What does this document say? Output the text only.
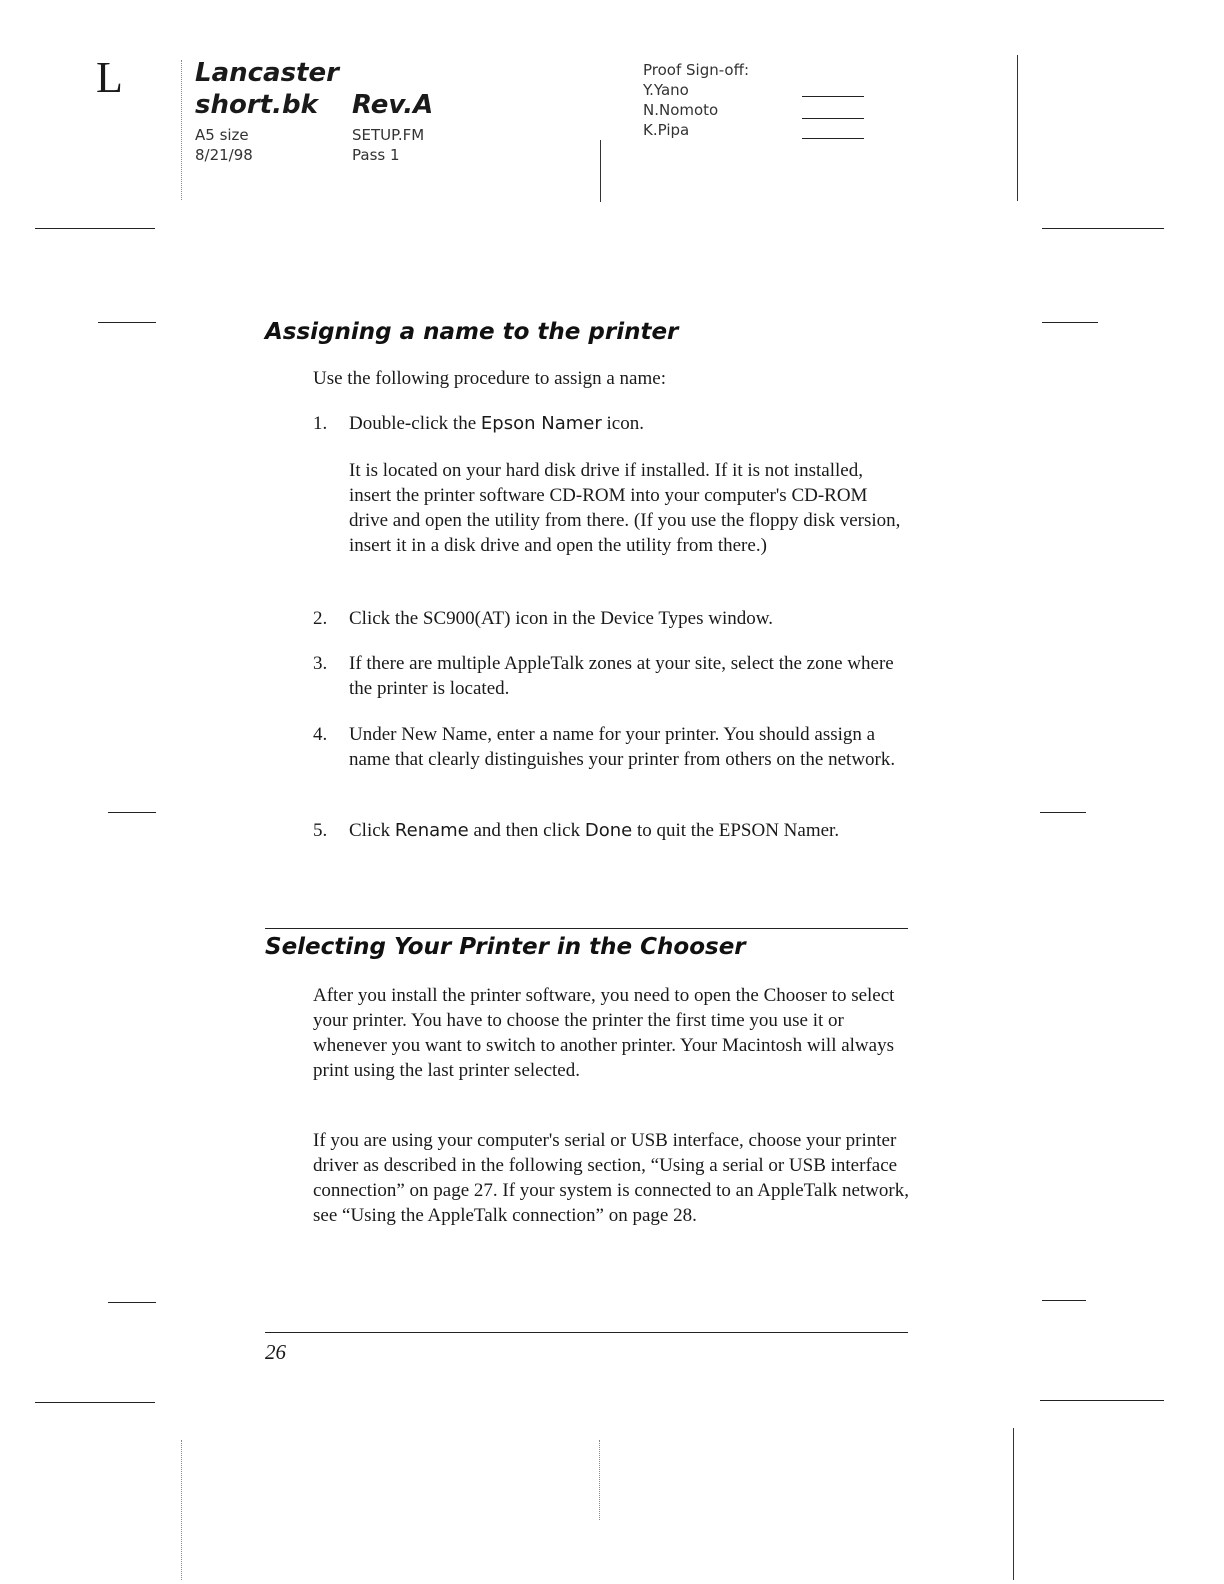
L	Lancaster
short.bk Rev.A
A5 size
8/21/98
SETUP.FM
Pass 1
Proof Sign-off:
Y.Yano
N.Nomoto
K.Pipa
Assigning a name to the printer
Use the following procedure to assign a name:
1.	Double-click the Epson Namer icon.
It is located on your hard disk drive if installed. If it is not installed, insert the printer software CD-ROM into your computer's CD-ROM drive and open the utility from there. (If you use the floppy disk version, insert it in a disk drive and open the utility from there.)
2.	Click the SC900(AT) icon in the Device Types window.
3.	If there are multiple AppleTalk zones at your site, select the zone where the printer is located.
4.	Under New Name, enter a name for your printer. You should assign a name that clearly distinguishes your printer from others on the network.
5.	Click Rename and then click Done to quit the EPSON Namer.
Selecting Your Printer in the Chooser
After you install the printer software, you need to open the Chooser to select your printer. You have to choose the printer the first time you use it or whenever you want to switch to another printer. Your Macintosh will always print using the last printer selected.
If you are using your computer's serial or USB interface, choose your printer driver as described in the following section, “Using a serial or USB interface connection” on page 27. If your system is connected to an AppleTalk network, see “Using the AppleTalk connection” on page 28.
26
